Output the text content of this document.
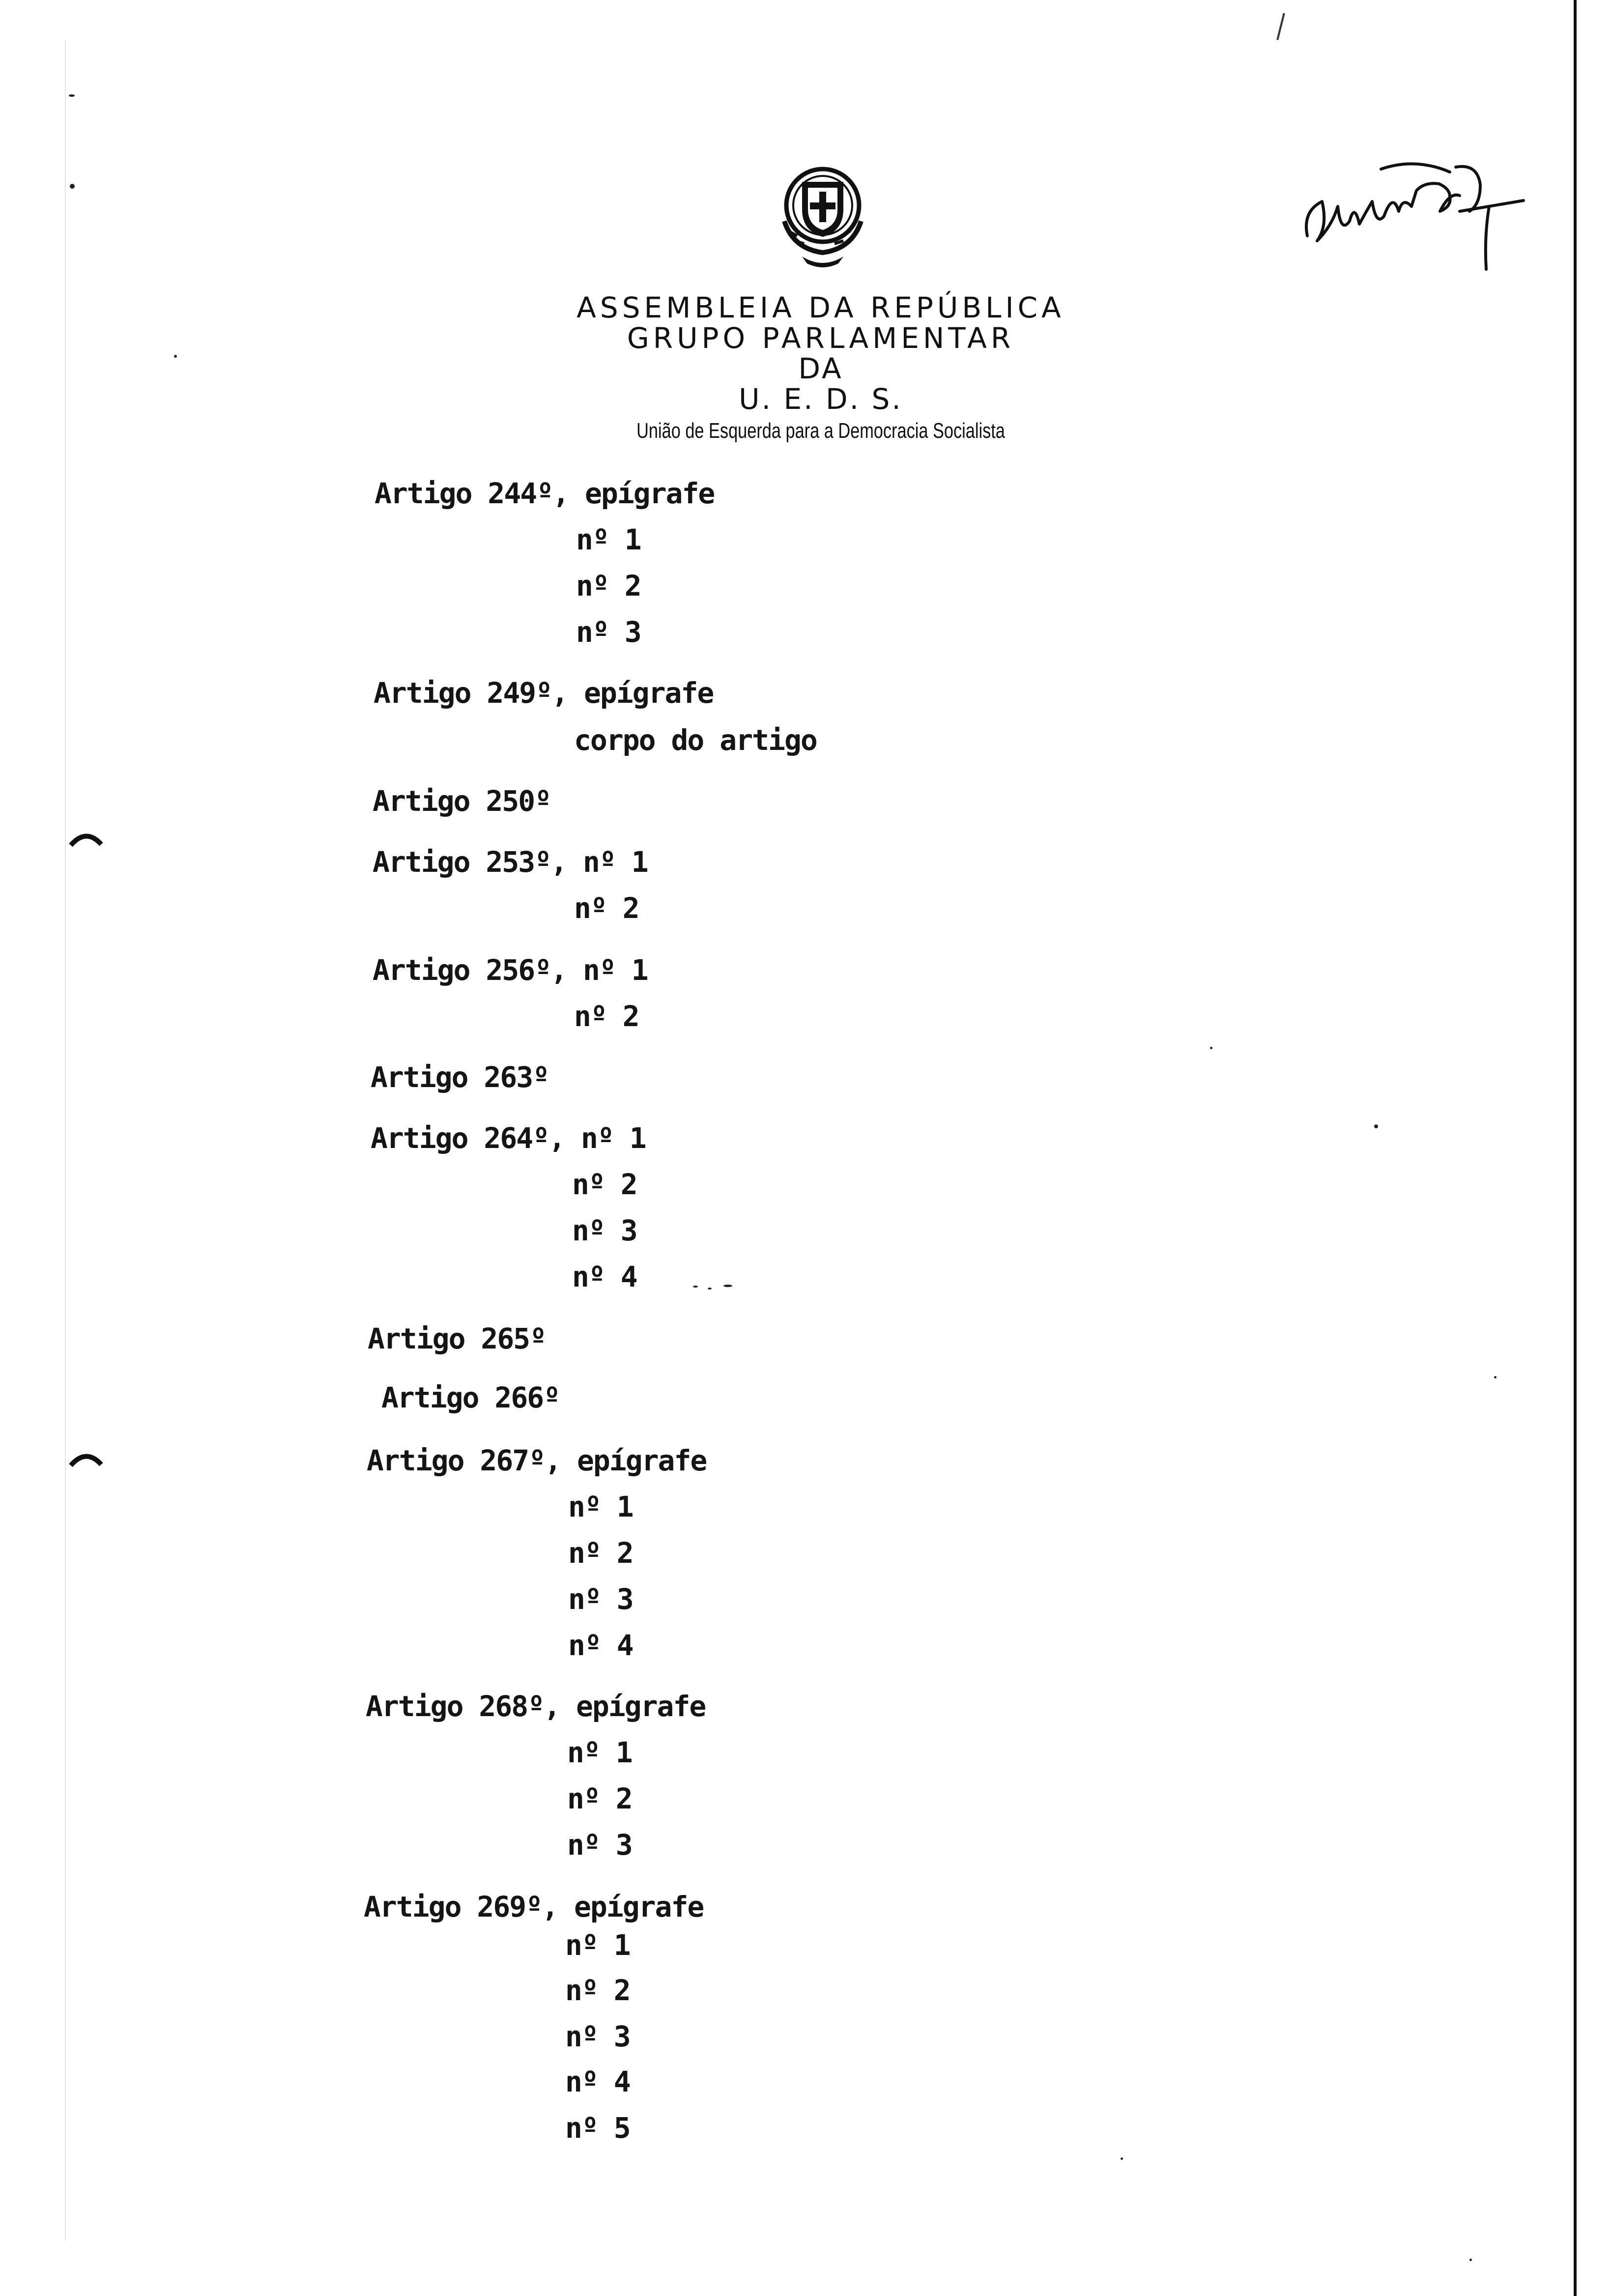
ASSEMBLEIA DA REPÚBLICA
GRUPO PARLAMENTAR
DA
U. E. D. S.
União de Esquerda para a Democracia Socialista
Artigo 244º, epígrafe
nº 1
nº 2
nº 3
Artigo 249º, epígrafe
corpo do artigo
Artigo 250º
Artigo 253º, nº 1
nº 2
Artigo 256º, nº 1
nº 2
Artigo 263º
Artigo 264º, nº 1
nº 2
nº 3
nº 4
Artigo 265º
Artigo 266º
Artigo 267º, epígrafe
nº 1
nº 2
nº 3
nº 4
Artigo 268º, epígrafe
nº 1
nº 2
nº 3
Artigo 269º, epígrafe
nº 1
nº 2
nº 3
nº 4
nº 5
